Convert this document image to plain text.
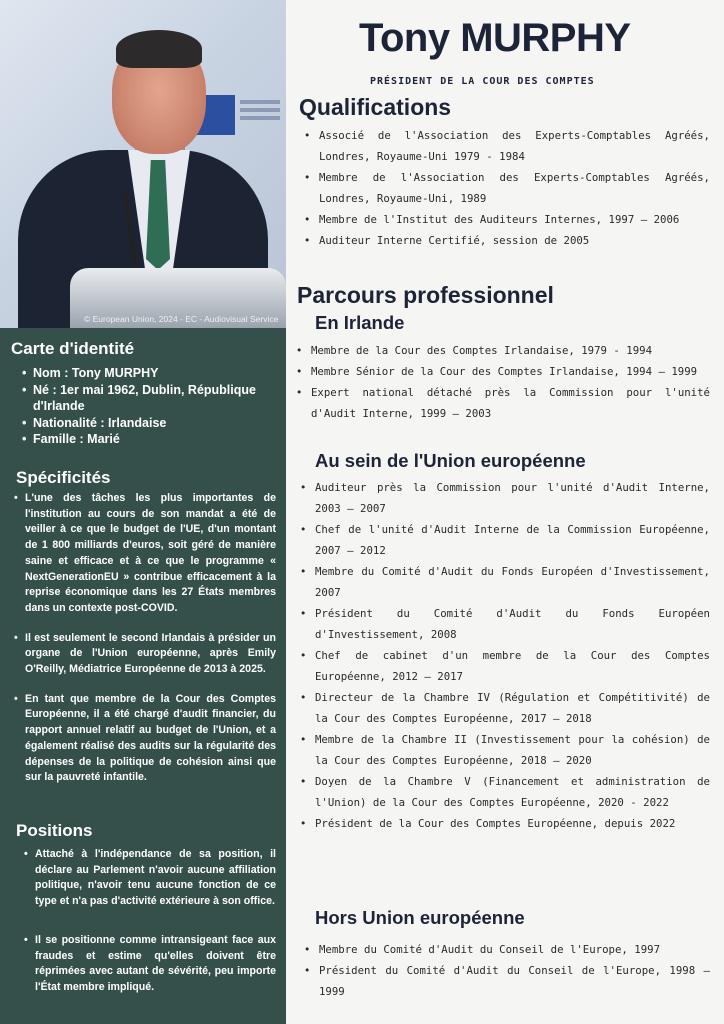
© European Union, 2024 - EC - Audiovisual Service
Carte d'identité
• Nom : Tony MURPHY
• Né : 1er mai 1962, Dublin, République d'Irlande
• Nationalité : Irlandaise
• Famille : Marié
Spécificités
• L'une des tâches les plus importantes de l'institution au cours de son mandat a été de veiller à ce que le budget de l'UE, d'un montant de 1 800 milliards d'euros, soit géré de manière saine et efficace et à ce que le programme « NextGenerationEU » contribue efficacement à la reprise économique dans les 27 États membres dans un contexte post-COVID.
• Il est seulement le second Irlandais à présider un organe de l'Union européenne, après Emily O'Reilly, Médiatrice Européenne de 2013 à 2025.
• En tant que membre de la Cour des Comptes Européenne, il a été chargé d'audit financier, du rapport annuel relatif au budget de l'Union, et a également réalisé des audits sur la régularité des dépenses de la politique de cohésion ainsi que sur la pauvreté infantile.
Positions
• Attaché à l'indépendance de sa position, il déclare au Parlement n'avoir aucune affiliation politique, n'avoir tenu aucune fonction de ce type et n'a pas d'activité extérieure à son office.
• Il se positionne comme intransigeant face aux fraudes et estime qu'elles doivent être réprimées avec autant de sévérité, peu importe l'État membre impliqué.
Tony MURPHY
PRÉSIDENT DE LA COUR DES COMPTES
Qualifications
• Associé de l'Association des Experts-Comptables Agréés, Londres, Royaume-Uni 1979 - 1984
• Membre de l'Association des Experts-Comptables Agréés, Londres, Royaume-Uni, 1989
• Membre de l'Institut des Auditeurs Internes, 1997 – 2006
• Auditeur Interne Certifié, session de 2005
Parcours professionnel
En Irlande
• Membre de la Cour des Comptes Irlandaise, 1979 - 1994
• Membre Sénior de la Cour des Comptes Irlandaise, 1994 – 1999
• Expert national détaché près la Commission pour l'unité d'Audit Interne, 1999 – 2003
Au sein de l'Union européenne
• Auditeur près la Commission pour l'unité d'Audit Interne, 2003 – 2007
• Chef de l'unité d'Audit Interne de la Commission Européenne, 2007 – 2012
• Membre du Comité d'Audit du Fonds Européen d'Investissement, 2007
• Président du Comité d'Audit du Fonds Européen d'Investissement, 2008
• Chef de cabinet d'un membre de la Cour des Comptes Européenne, 2012 – 2017
• Directeur de la Chambre IV (Régulation et Compétitivité) de la Cour des Comptes Européenne, 2017 – 2018
• Membre de la Chambre II (Investissement pour la cohésion) de la Cour des Comptes Européenne, 2018 – 2020
• Doyen de la Chambre V (Financement et administration de l'Union) de la Cour des Comptes Européenne, 2020 - 2022
• Président de la Cour des Comptes Européenne, depuis 2022
Hors Union européenne
• Membre du Comité d'Audit du Conseil de l'Europe, 1997
• Président du Comité d'Audit du Conseil de l'Europe, 1998 – 1999
